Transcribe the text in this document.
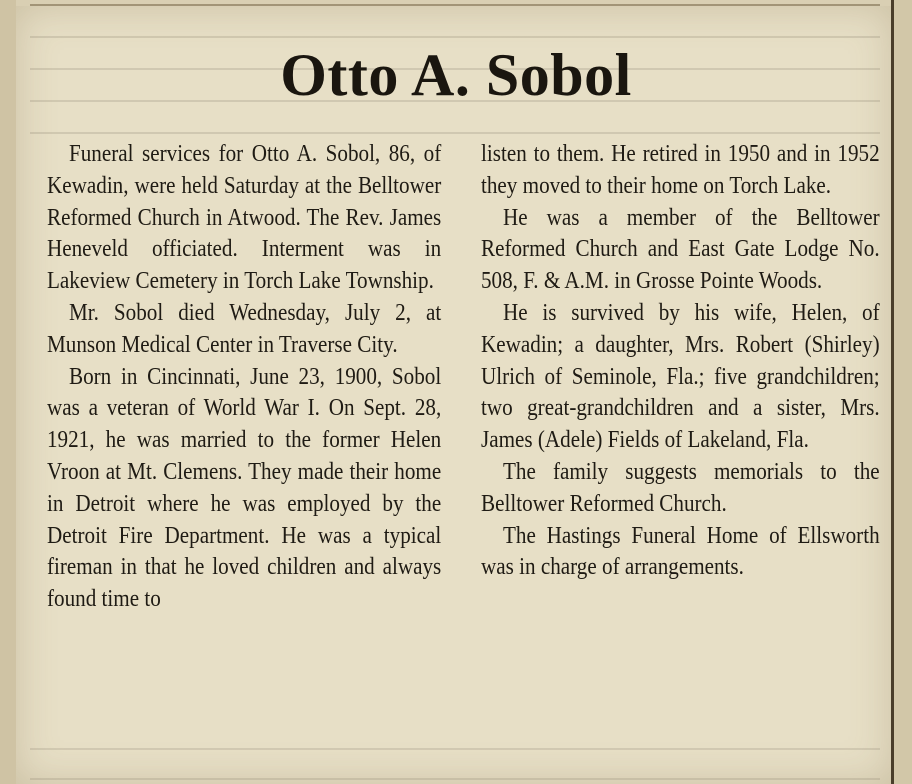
Otto A. Sobol

Funeral services for Otto A. Sobol, 86, of Kewadin, were held Saturday at the Belltower Reformed Church in Atwood. The Rev. James Heneveld officiated. Interment was in Lakeview Cemetery in Torch Lake Township.

Mr. Sobol died Wednesday, July 2, at Munson Medical Center in Traverse City.

Born in Cincinnati, June 23, 1900, Sobol was a veteran of World War I. On Sept. 28, 1921, he was married to the former Helen Vroon at Mt. Clemens. They made their home in Detroit where he was employed by the Detroit Fire Department. He was a typical fireman in that he loved children and always found time to

listen to them. He retired in 1950 and in 1952 they moved to their home on Torch Lake.

He was a member of the Belltower Reformed Church and East Gate Lodge No. 508, F. & A.M. in Grosse Pointe Woods.

He is survived by his wife, Helen, of Kewadin; a daughter, Mrs. Robert (Shirley) Ulrich of Seminole, Fla.; five grandchildren; two great-grandchildren and a sister, Mrs. James (Adele) Fields of Lakeland, Fla.

The family suggests memorials to the Belltower Reformed Church.

The Hastings Funeral Home of Ellsworth was in charge of arrangements.
